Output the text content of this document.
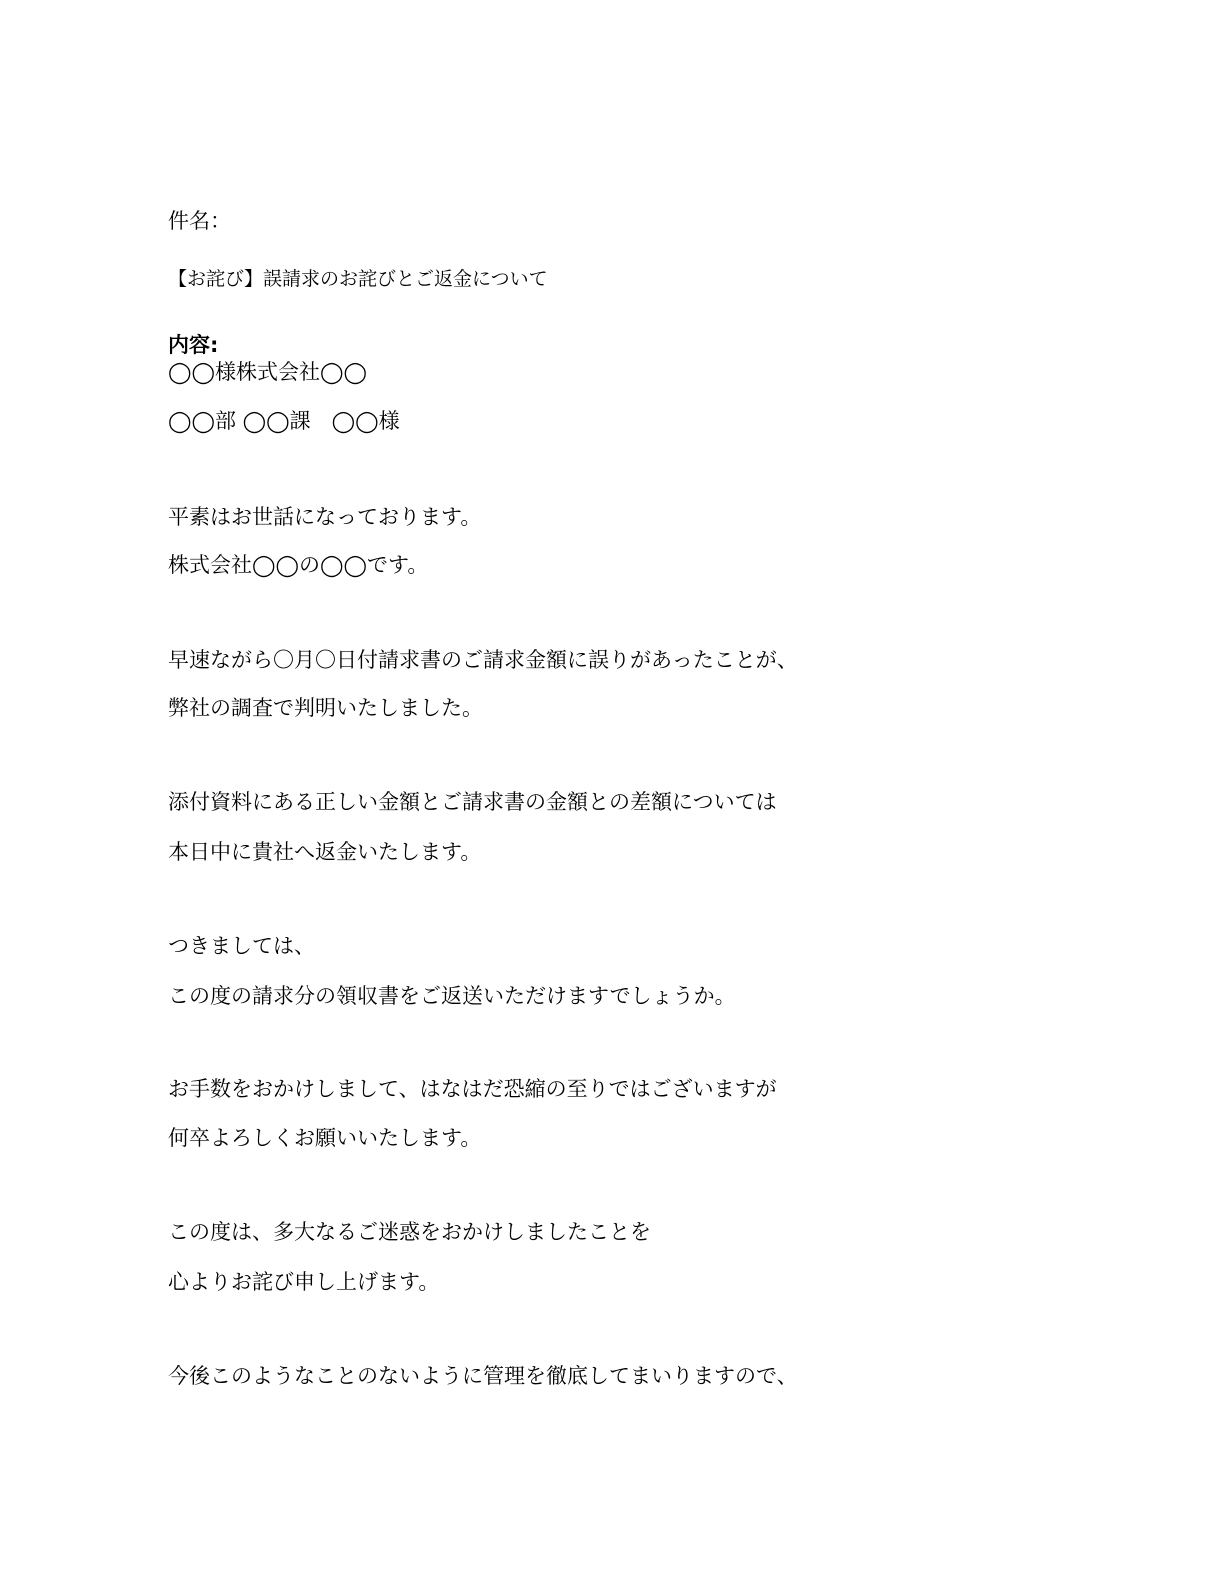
件名：
【お詫び】誤請求のお詫びとご返金について
内容:
◯◯様株式会社◯◯
◯◯部 ◯◯課　◯◯様
平素はお世話になっております。
株式会社◯◯の◯◯です。
早速ながら〇月〇日付請求書のご請求金額に誤りがあったことが、
弊社の調査で判明いたしました。
添付資料にある正しい金額とご請求書の金額との差額については
本日中に貴社へ返金いたします。
つきましては、
この度の請求分の領収書をご返送いただけますでしょうか。
お手数をおかけしまして、はなはだ恐縮の至りではございますが
何卒よろしくお願いいたします。
この度は、多大なるご迷惑をおかけしましたことを
心よりお詫び申し上げます。
今後このようなことのないように管理を徹底してまいりますので、
